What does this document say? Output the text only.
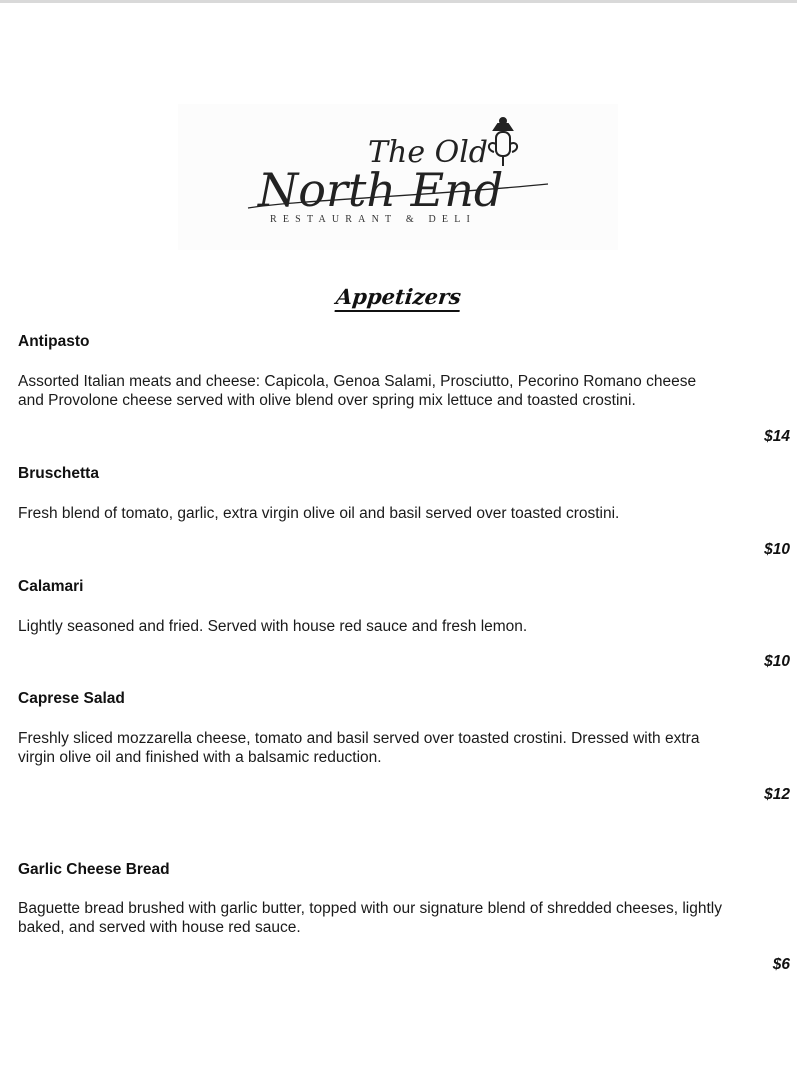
The Old
North End
RESTAURANT & DELI
Appetizers
Antipasto
Assorted Italian meats and cheese: Capicola, Genoa Salami, Prosciutto, Pecorino Romano cheese
and Provolone cheese served with olive blend over spring mix lettuce and toasted crostini.
$14
Bruschetta
Fresh blend of tomato, garlic, extra virgin olive oil and basil served over toasted crostini.
$10
Calamari
Lightly seasoned and fried. Served with house red sauce and fresh lemon.
$10
Caprese Salad
Freshly sliced mozzarella cheese, tomato and basil served over toasted crostini. Dressed with extra
virgin olive oil and finished with a balsamic reduction.
$12
Garlic Cheese Bread
Baguette bread brushed with garlic butter, topped with our signature blend of shredded cheeses, lightly
baked, and served with house red sauce.
$6
